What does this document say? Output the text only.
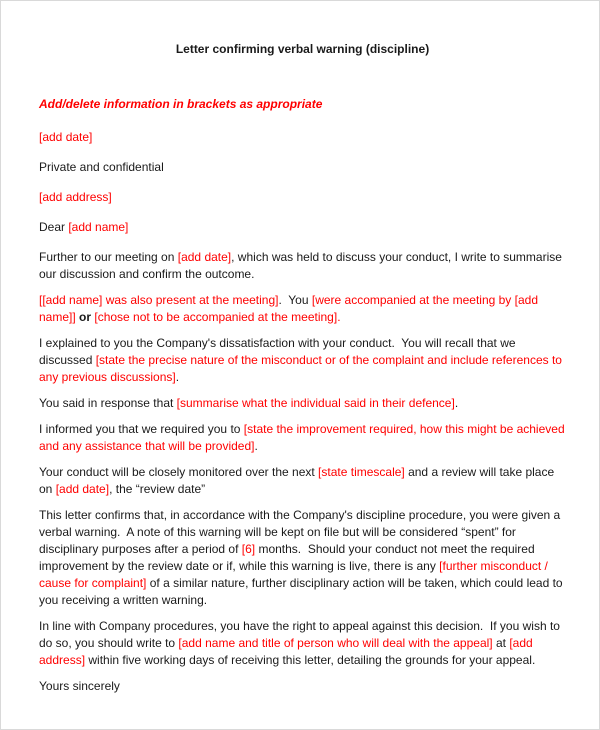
Letter confirming verbal warning (discipline)

Add/delete information in brackets as appropriate

[add date]

Private and confidential

[add address]

Dear [add name]

Further to our meeting on [add date], which was held to discuss your conduct, I write to summarise our discussion and confirm the outcome.

[[add name] was also present at the meeting].  You [were accompanied at the meeting by [add name]] or [chose not to be accompanied at the meeting].

I explained to you the Company's dissatisfaction with your conduct.  You will recall that we discussed [state the precise nature of the misconduct or of the complaint and include references to any previous discussions].

You said in response that [summarise what the individual said in their defence].

I informed you that we required you to [state the improvement required, how this might be achieved and any assistance that will be provided].

Your conduct will be closely monitored over the next [state timescale] and a review will take place on [add date], the “review date”

This letter confirms that, in accordance with the Company's discipline procedure, you were given a verbal warning.  A note of this warning will be kept on file but will be considered “spent” for disciplinary purposes after a period of [6] months.  Should your conduct not meet the required improvement by the review date or if, while this warning is live, there is any [further misconduct / cause for complaint] of a similar nature, further disciplinary action will be taken, which could lead to you receiving a written warning.

In line with Company procedures, you have the right to appeal against this decision.  If you wish to do so, you should write to [add name and title of person who will deal with the appeal] at [add address] within five working days of receiving this letter, detailing the grounds for your appeal.

Yours sincerely
